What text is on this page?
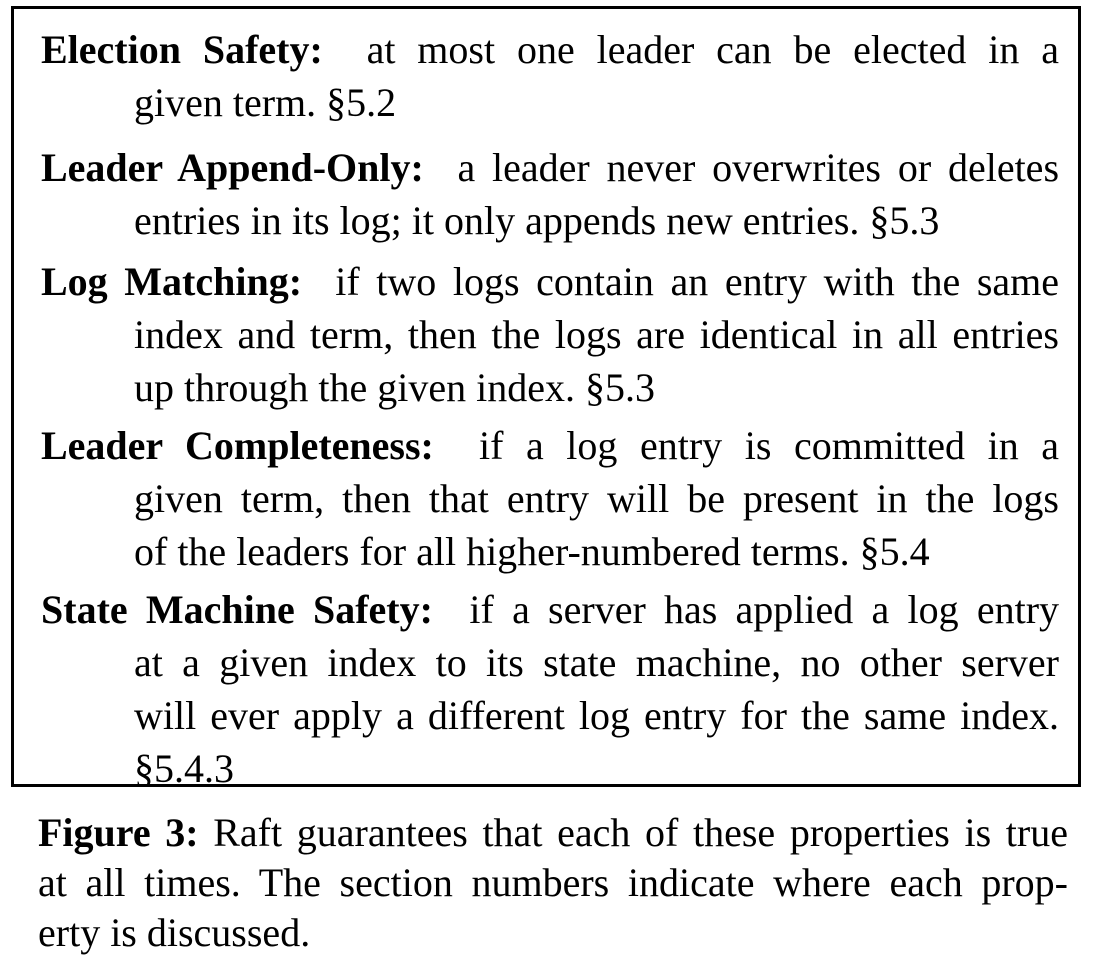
Election Safety: at most one leader can be elected in a
given term. §5.2
Leader Append-Only: a leader never overwrites or deletes
entries in its log; it only appends new entries. §5.3
Log Matching: if two logs contain an entry with the same
index and term, then the logs are identical in all entries
up through the given index. §5.3
Leader Completeness: if a log entry is committed in a
given term, then that entry will be present in the logs
of the leaders for all higher-numbered terms. §5.4
State Machine Safety: if a server has applied a log entry
at a given index to its state machine, no other server
will ever apply a different log entry for the same index.
§5.4.3
Figure 3: Raft guarantees that each of these properties is true
at all times. The section numbers indicate where each prop-
erty is discussed.
